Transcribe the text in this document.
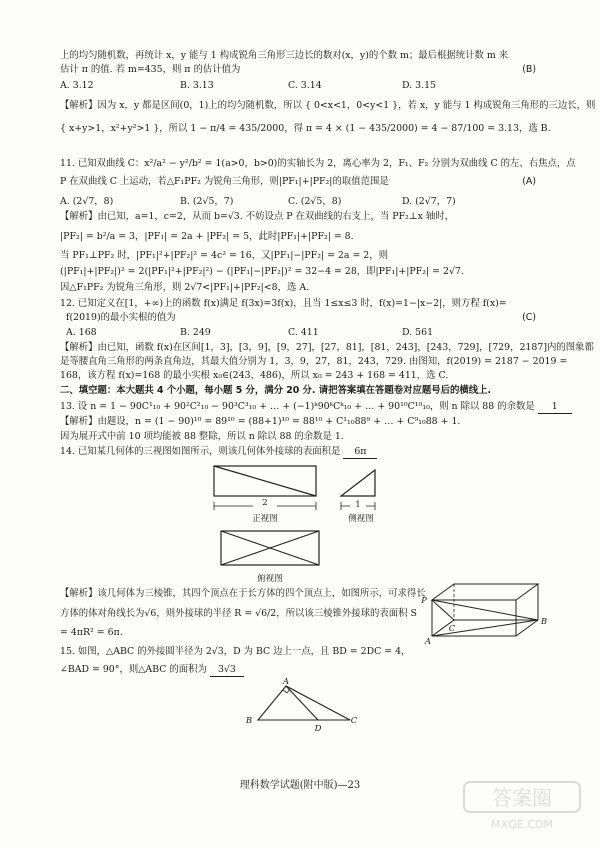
上的均匀随机数，再统计 x，y 能与 1 构成锐角三角形三边长的数对(x，y)的个数 m；最后根据统计数 m 来
估计 π 的值. 若 m=435，则 π 的估计值为	(B)
A. 3.12	B. 3.13	C. 3.14	D. 3.15
【解析】因为 x，y 都是区间(0，1)上的均匀随机数，所以 { 0<x<1，0<y<1 }，若 x，y 能与 1 构成锐角三角形的三边长，则
{ x+y>1，x²+y²>1 }，所以 1 − π/4 = 435/2000，得 π = 4 × (1 − 435/2000) = 4 − 87/100 = 3.13，选 B.
11. 已知双曲线 C：x²/a² − y²/b² = 1(a>0，b>0)的实轴长为 2，离心率为 2，F₁、F₂ 分别为双曲线 C 的左、右焦点，点
P 在双曲线 C 上运动，若△F₁PF₂ 为锐角三角形，则|PF₁|+|PF₂|的取值范围是	(A)
A. (2√7，8)	B. (2√5，7)	C. (2√5，8)	D. (2√7，7)
【解析】由已知，a=1，c=2，从而 b=√3. 不妨设点 P 在双曲线的右支上，当 PF₂⊥x 轴时，
|PF₂| = b²/a = 3，|PF₁| = 2a + |PF₂| = 5，此时|PF₁|+|PF₂| = 8.
当 PF₁⊥PF₂ 时，|PF₁|²+|PF₂|² = 4c² = 16，又|PF₁|−|PF₂| = 2a = 2，则
(|PF₁|+|PF₂|)² = 2(|PF₁|²+|PF₂|²) − (|PF₁|−|PF₂|)² = 32−4 = 28，即|PF₁|+|PF₂| = 2√7.
因△F₁PF₂ 为锐角三角形，则 2√7<|PF₁|+|PF₂|<8，选 A.
12. 已知定义在[1，+∞)上的函数 f(x)满足 f(3x)=3f(x)，且当 1≤x≤3 时，f(x)=1−|x−2|，则方程 f(x)=
f(2019)的最小实根的值为	(C)
A. 168	B. 249	C. 411	D. 561
【解析】由已知，函数 f(x)在区间[1，3]，[3，9]，[9，27]，[27，81]，[81，243]，[243，729]，[729，2187]内的图象都
是等腰直角三角形的两条直角边，其最大值分别为 1，3，9，27，81，243，729. 由图知，f(2019) = 2187 − 2019 =
168，该方程 f(x)=168 的最小实根 x₀∈(243，486)，所以 x₀ = 243 + 168 = 411，选 C.
二、填空题：本大题共 4 个小题，每小题 5 分，满分 20 分. 请把答案填在答题卷对应题号后的横线上.
13. 设 n = 1 − 90C¹₁₀ + 90²C²₁₀ − 90³C³₁₀ + … + (−1)ᵏ90ᵏCᵏ₁₀ + … + 90¹⁰C¹⁰₁₀，则 n 除以 88 的余数是 1
【解析】由题设，n = (1 − 90)¹⁰ = 89¹⁰ = (88+1)¹⁰ = 88¹⁰ + C¹₁₀88⁹ + … + C⁹₁₀88 + 1.
因为展开式中前 10 项均能被 88 整除，所以 n 除以 88 的余数是 1.
14. 已知某几何体的三视图如图所示，则该几何体外接球的表面积是 6π
2
正视图
1
侧视图
俯视图
【解析】该几何体为三棱锥，其四个顶点在于长方体的四个顶点上，如图所示，可求得长
方体的体对角线长为√6，则外接球的半径 R = √6/2，所以该三棱锥外接球的表面积 S
= 4πR² = 6π.
P
A
B
C
15. 如图，△ABC 的外接圆半径为 2√3，D 为 BC 边上一点，且 BD = 2DC = 4，
∠BAD = 90°，则△ABC 的面积为 3√3
A
B
D
C
理科数学试题(附中版)—23
答案圈
MXQE.COM
